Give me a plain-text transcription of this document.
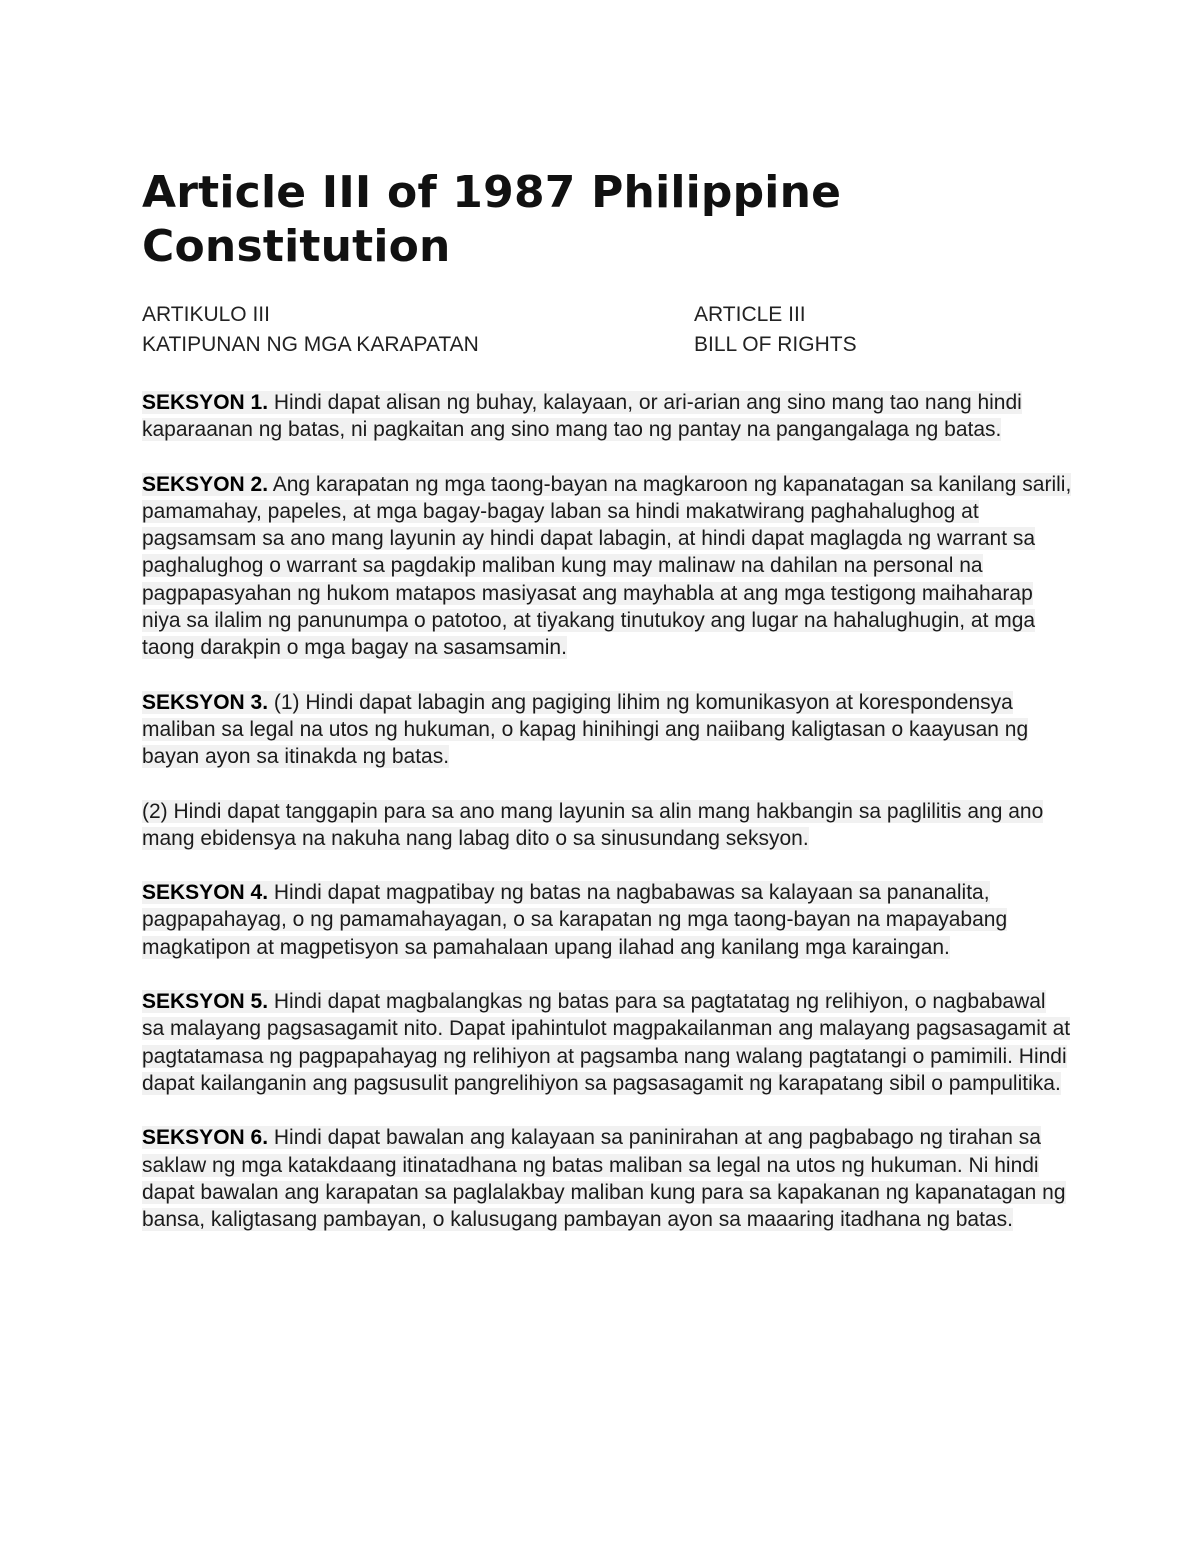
Article III of 1987 Philippine Constitution
ARTIKULO III	ARTICLE III
KATIPUNAN NG MGA KARAPATAN	BILL OF RIGHTS

SEKSYON 1. Hindi dapat alisan ng buhay, kalayaan, or ari-arian ang sino mang tao nang hindi kaparaanan ng batas, ni pagkaitan ang sino mang tao ng pantay na pangangalaga ng batas.

SEKSYON 2. Ang karapatan ng mga taong-bayan na magkaroon ng kapanatagan sa kanilang sarili, pamamahay, papeles, at mga bagay-bagay laban sa hindi makatwirang paghahalughog at pagsamsam sa ano mang layunin ay hindi dapat labagin, at hindi dapat maglagda ng warrant sa paghalughog o warrant sa pagdakip maliban kung may malinaw na dahilan na personal na pagpapasyahan ng hukom matapos masiyasat ang mayhabla at ang mga testigong maihaharap niya sa ilalim ng panunumpa o patotoo, at tiyakang tinutukoy ang lugar na hahalughugin, at mga taong darakpin o mga bagay na sasamsamin.

SEKSYON 3. (1) Hindi dapat labagin ang pagiging lihim ng komunikasyon at korespondensya maliban sa legal na utos ng hukuman, o kapag hinihingi ang naiibang kaligtasan o kaayusan ng bayan ayon sa itinakda ng batas.

(2) Hindi dapat tanggapin para sa ano mang layunin sa alin mang hakbangin sa paglilitis ang ano mang ebidensya na nakuha nang labag dito o sa sinusundang seksyon.

SEKSYON 4. Hindi dapat magpatibay ng batas na nagbabawas sa kalayaan sa pananalita, pagpapahayag, o ng pamamahayagan, o sa karapatan ng mga taong-bayan na mapayabang magkatipon at magpetisyon sa pamahalaan upang ilahad ang kanilang mga karaingan.

SEKSYON 5. Hindi dapat magbalangkas ng batas para sa pagtatatag ng relihiyon, o nagbabawal sa malayang pagsasagamit nito. Dapat ipahintulot magpakailanman ang malayang pagsasagamit at pagtatamasa ng pagpapahayag ng relihiyon at pagsamba nang walang pagtatangi o pamimili. Hindi dapat kailanganin ang pagsusulit pangrelihiyon sa pagsasagamit ng karapatang sibil o pampulitika.

SEKSYON 6. Hindi dapat bawalan ang kalayaan sa paninirahan at ang pagbabago ng tirahan sa saklaw ng mga katakdaang itinatadhana ng batas maliban sa legal na utos ng hukuman. Ni hindi dapat bawalan ang karapatan sa paglalakbay maliban kung para sa kapakanan ng kapanatagan ng bansa, kaligtasang pambayan, o kalusugang pambayan ayon sa maaaring itadhana ng batas.
